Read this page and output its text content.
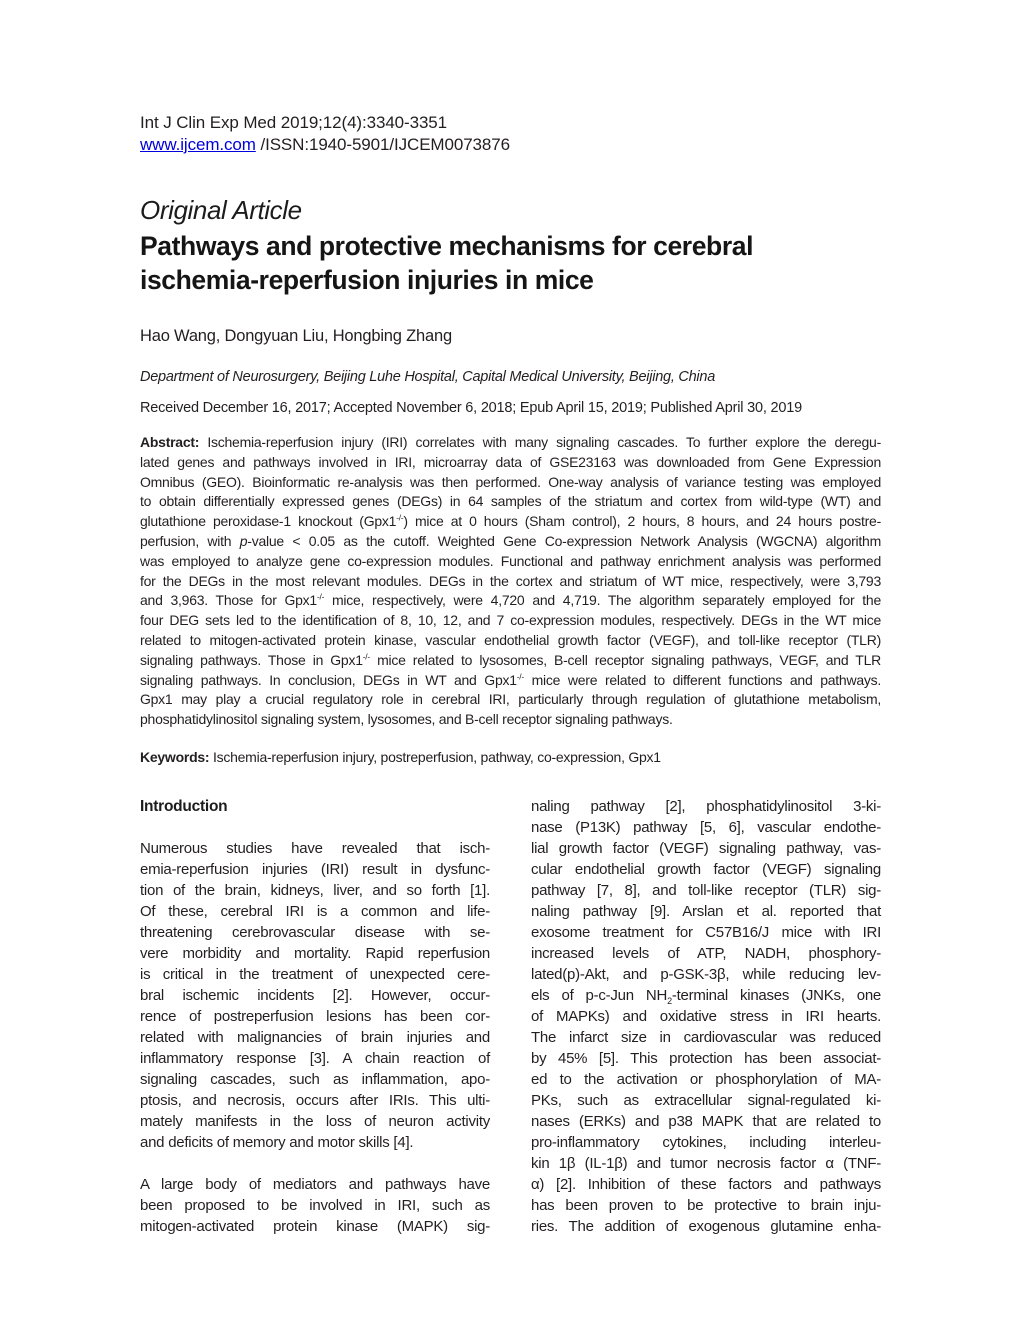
Int J Clin Exp Med 2019;12(4):3340-3351
www.ijcem.com /ISSN:1940-5901/IJCEM0073876
Original Article
Pathways and protective mechanisms for cerebral
ischemia-reperfusion injuries in mice
Hao Wang, Dongyuan Liu, Hongbing Zhang
Department of Neurosurgery, Beijing Luhe Hospital, Capital Medical University, Beijing, China
Received December 16, 2017; Accepted November 6, 2018; Epub April 15, 2019; Published April 30, 2019
Abstract: Ischemia-reperfusion injury (IRI) correlates with many signaling cascades. To further explore the deregu-
lated genes and pathways involved in IRI, microarray data of GSE23163 was downloaded from Gene Expression
Omnibus (GEO). Bioinformatic re-analysis was then performed. One-way analysis of variance testing was employed
to obtain differentially expressed genes (DEGs) in 64 samples of the striatum and cortex from wild-type (WT) and
glutathione peroxidase-1 knockout (Gpx1-/-) mice at 0 hours (Sham control), 2 hours, 8 hours, and 24 hours postre-
perfusion, with p-value < 0.05 as the cutoff. Weighted Gene Co-expression Network Analysis (WGCNA) algorithm
was employed to analyze gene co-expression modules. Functional and pathway enrichment analysis was performed
for the DEGs in the most relevant modules. DEGs in the cortex and striatum of WT mice, respectively, were 3,793
and 3,963. Those for Gpx1-/- mice, respectively, were 4,720 and 4,719. The algorithm separately employed for the
four DEG sets led to the identification of 8, 10, 12, and 7 co-expression modules, respectively. DEGs in the WT mice
related to mitogen-activated protein kinase, vascular endothelial growth factor (VEGF), and toll-like receptor (TLR)
signaling pathways. Those in Gpx1-/- mice related to lysosomes, B-cell receptor signaling pathways, VEGF, and TLR
signaling pathways. In conclusion, DEGs in WT and Gpx1-/- mice were related to different functions and pathways.
Gpx1 may play a crucial regulatory role in cerebral IRI, particularly through regulation of glutathione metabolism,
phosphatidylinositol signaling system, lysosomes, and B-cell receptor signaling pathways.
Keywords: Ischemia-reperfusion injury, postreperfusion, pathway, co-expression, Gpx1
Introduction
Numerous studies have revealed that isch-
emia-reperfusion injuries (IRI) result in dysfunc-
tion of the brain, kidneys, liver, and so forth [1].
Of these, cerebral IRI is a common and life-
threatening cerebrovascular disease with se-
vere morbidity and mortality. Rapid reperfusion
is critical in the treatment of unexpected cere-
bral ischemic incidents [2]. However, occur-
rence of postreperfusion lesions has been cor-
related with malignancies of brain injuries and
inflammatory response [3]. A chain reaction of
signaling cascades, such as inflammation, apo-
ptosis, and necrosis, occurs after IRIs. This ulti-
mately manifests in the loss of neuron activity
and deficits of memory and motor skills [4].
A large body of mediators and pathways have
been proposed to be involved in IRI, such as
mitogen-activated protein kinase (MAPK) sig-
naling pathway [2], phosphatidylinositol 3-ki-
nase (P13K) pathway [5, 6], vascular endothe-
lial growth factor (VEGF) signaling pathway, vas-
cular endothelial growth factor (VEGF) signaling
pathway [7, 8], and toll-like receptor (TLR) sig-
naling pathway [9]. Arslan et al. reported that
exosome treatment for C57B16/J mice with IRI
increased levels of ATP, NADH, phosphory-
lated(p)-Akt, and p-GSK-3β, while reducing lev-
els of p-c-Jun $NH_2$-terminal kinases (JNKs, one
of MAPKs) and oxidative stress in IRI hearts.
The infarct size in cardiovascular was reduced
by 45% [5]. This protection has been associat-
ed to the activation or phosphorylation of MA-
PKs, such as extracellular signal-regulated ki-
nases (ERKs) and p38 MAPK that are related to
pro-inflammatory cytokines, including interleu-
kin 1β (IL-1β) and tumor necrosis factor α (TNF-
α) [2]. Inhibition of these factors and pathways
has been proven to be protective to brain inju-
ries. The addition of exogenous glutamine enha-
